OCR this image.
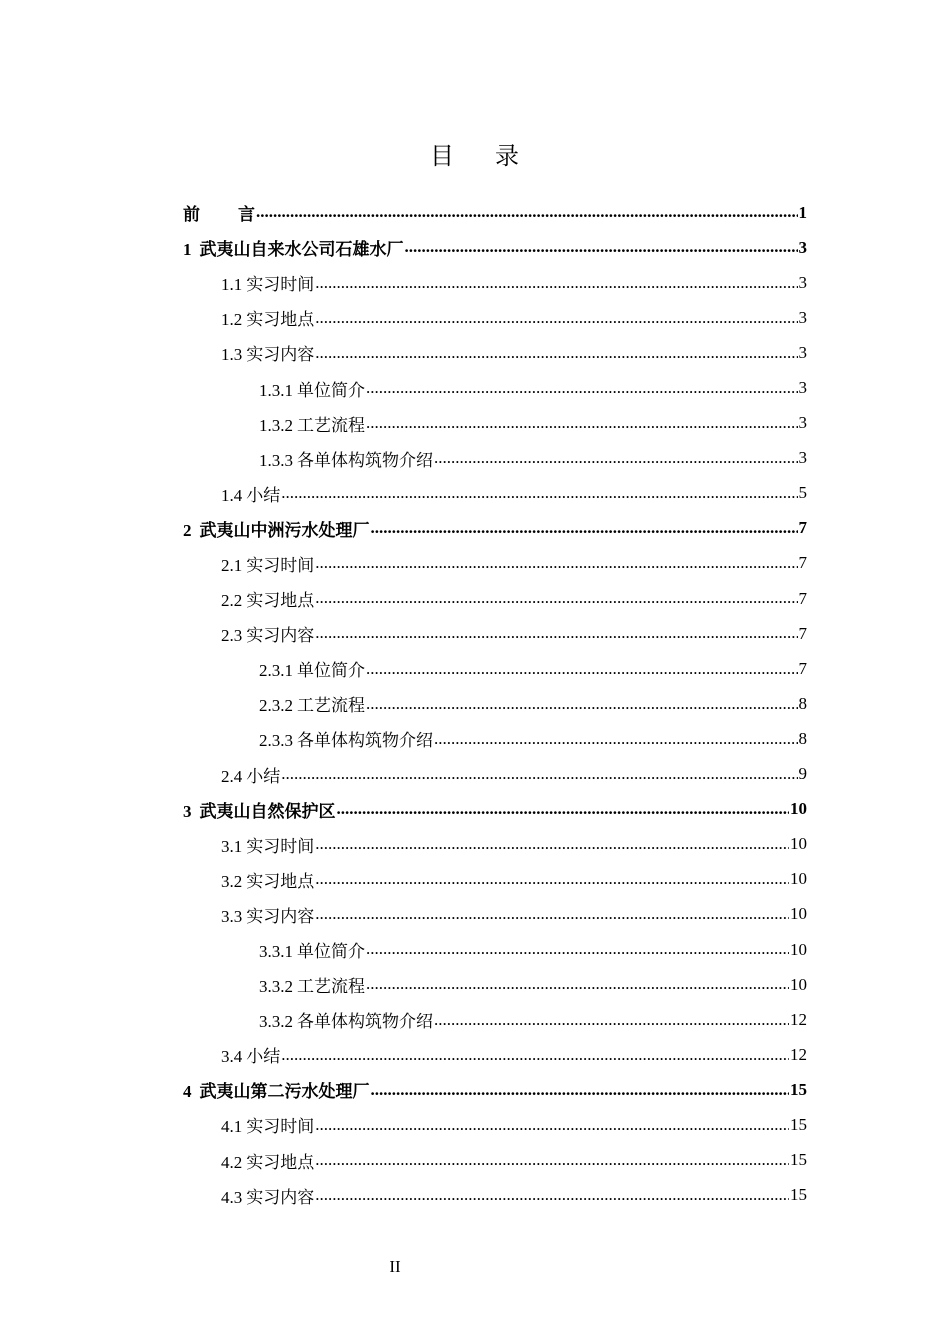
目 录
前 言 .....	1
1 武夷山自来水公司石雄水厂 .....	3
1.1 实习时间 .....	3
1.2 实习地点 .....	3
1.3 实习内容 .....	3
1.3.1 单位简介 .....	3
1.3.2 工艺流程 .....	3
1.3.3 各单体构筑物介绍 .....	3
1.4 小结 .....	5
2 武夷山中洲污水处理厂 .....	7
2.1 实习时间 .....	7
2.2 实习地点 .....	7
2.3 实习内容 .....	7
2.3.1 单位简介 .....	7
2.3.2 工艺流程 .....	8
2.3.3 各单体构筑物介绍 .....	8
2.4 小结 .....	9
3 武夷山自然保护区 .....	10
3.1 实习时间 .....	10
3.2 实习地点 .....	10
3.3 实习内容 .....	10
3.3.1 单位简介 .....	10
3.3.2 工艺流程 .....	10
3.3.2 各单体构筑物介绍 .....	12
3.4 小结 .....	12
4 武夷山第二污水处理厂 .....	15
4.1 实习时间 .....	15
4.2 实习地点 .....	15
4.3 实习内容 .....	15
II
